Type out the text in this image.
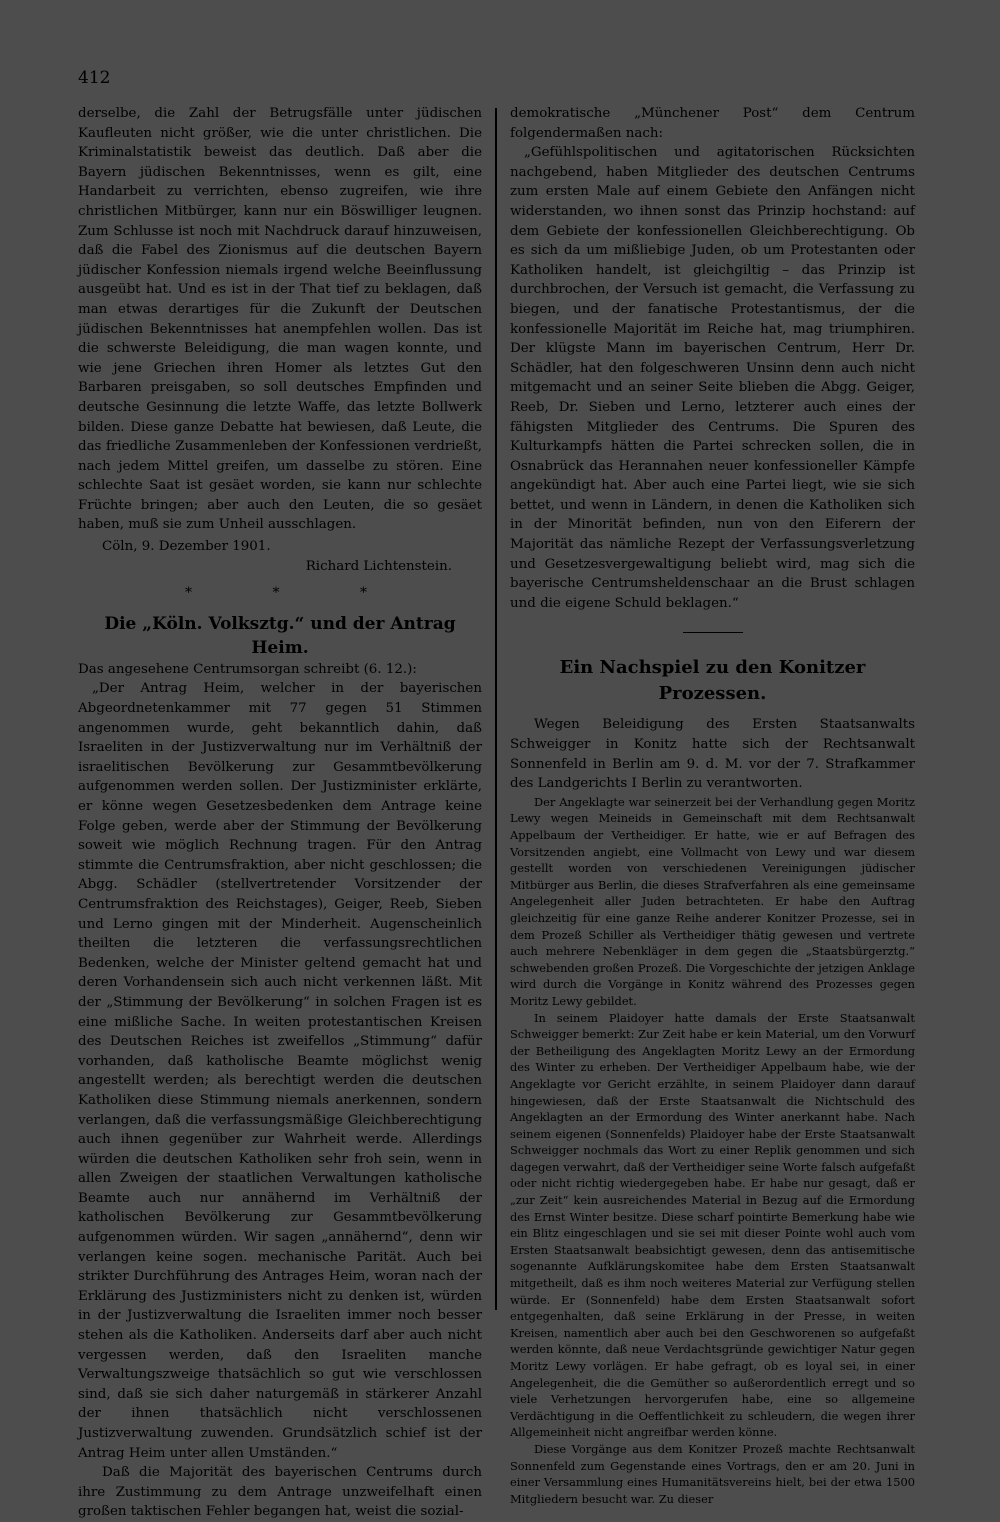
412

derselbe, die Zahl der Betrugsfälle unter jüdischen Kaufleuten nicht größer, wie die unter christlichen. Die Kriminalstatistik beweist das deutlich. Daß aber die Bayern jüdischen Bekenntnisses, wenn es gilt, eine Handarbeit zu verrichten, ebenso zugreifen, wie ihre christlichen Mitbürger, kann nur ein Böswilliger leugnen. Zum Schlusse ist noch mit Nachdruck darauf hinzuweisen, daß die Fabel des Zionismus auf die deutschen Bayern jüdischer Konfession niemals irgend welche Beeinflussung ausgeübt hat. Und es ist in der That tief zu beklagen, daß man etwas derartiges für die Zukunft der Deutschen jüdischen Bekenntnisses hat anempfehlen wollen. Das ist die schwerste Beleidigung, die man wagen konnte, und wie jene Griechen ihren Homer als letztes Gut den Barbaren preisgaben, so soll deutsches Empfinden und deutsche Gesinnung die letzte Waffe, das letzte Bollwerk bilden. Diese ganze Debatte hat bewiesen, daß Leute, die das friedliche Zusammenleben der Konfessionen verdrießt, nach jedem Mittel greifen, um dasselbe zu stören. Eine schlechte Saat ist gesäet worden, sie kann nur schlechte Früchte bringen; aber auch den Leuten, die so gesäet haben, muß sie zum Unheil ausschlagen.

Cöln, 9. Dezember 1901.

Richard Lichtenstein.

* * *
Die „Köln. Volksztg.“ und der Antrag Heim.

Das angesehene Centrumsorgan schreibt (6. 12.):

„Der Antrag Heim, welcher in der bayerischen Abgeordnetenkammer mit 77 gegen 51 Stimmen angenommen wurde, geht bekanntlich dahin, daß Israeliten in der Justizverwaltung nur im Verhältniß der israelitischen Bevölkerung zur Gesammtbevölkerung aufgenommen werden sollen. Der Justizminister erklärte, er könne wegen Gesetzesbedenken dem Antrage keine Folge geben, werde aber der Stimmung der Bevölkerung soweit wie möglich Rechnung tragen. Für den Antrag stimmte die Centrumsfraktion, aber nicht geschlossen; die Abgg. Schädler (stellvertretender Vorsitzender der Centrumsfraktion des Reichstages), Geiger, Reeb, Sieben und Lerno gingen mit der Minderheit. Augenscheinlich theilten die letzteren die verfassungsrechtlichen Bedenken, welche der Minister geltend gemacht hat und deren Vorhandensein sich auch nicht verkennen läßt. Mit der „Stimmung der Bevölkerung“ in solchen Fragen ist es eine mißliche Sache. In weiten protestantischen Kreisen des Deutschen Reiches ist zweifellos „Stimmung“ dafür vorhanden, daß katholische Beamte möglichst wenig angestellt werden; als berechtigt werden die deutschen Katholiken diese Stimmung niemals anerkennen, sondern verlangen, daß die verfassungsmäßige Gleichberechtigung auch ihnen gegenüber zur Wahrheit werde. Allerdings würden die deutschen Katholiken sehr froh sein, wenn in allen Zweigen der staatlichen Verwaltungen katholische Beamte auch nur annähernd im Verhältniß der katholischen Bevölkerung zur Gesammtbevölkerung aufgenommen würden. Wir sagen „annähernd“, denn wir verlangen keine sogen. mechanische Parität. Auch bei strikter Durchführung des Antrages Heim, woran nach der Erklärung des Justizministers nicht zu denken ist, würden in der Justizverwaltung die Israeliten immer noch besser stehen als die Katholiken. Anderseits darf aber auch nicht vergessen werden, daß den Israeliten manche Verwaltungszweige thatsächlich so gut wie verschlossen sind, daß sie sich daher naturgemäß in stärkerer Anzahl der ihnen thatsächlich nicht verschlossenen Justizverwaltung zuwenden. Grundsätzlich schief ist der Antrag Heim unter allen Umständen.“

Daß die Majorität des bayerischen Centrums durch ihre Zustimmung zu dem Antrage unzweifelhaft einen großen taktischen Fehler begangen hat, weist die sozial-

demokratische „Münchener Post“ dem Centrum folgendermaßen nach:

„Gefühlspolitischen und agitatorischen Rücksichten nachgebend, haben Mitglieder des deutschen Centrums zum ersten Male auf einem Gebiete den Anfängen nicht widerstanden, wo ihnen sonst das Prinzip hochstand: auf dem Gebiete der konfessionellen Gleichberechtigung. Ob es sich da um mißliebige Juden, ob um Protestanten oder Katholiken handelt, ist gleichgiltig – das Prinzip ist durchbrochen, der Versuch ist gemacht, die Verfassung zu biegen, und der fanatische Protestantismus, der die konfessionelle Majorität im Reiche hat, mag triumphiren. Der klügste Mann im bayerischen Centrum, Herr Dr. Schädler, hat den folgeschweren Unsinn denn auch nicht mitgemacht und an seiner Seite blieben die Abgg. Geiger, Reeb, Dr. Sieben und Lerno, letzterer auch eines der fähigsten Mitglieder des Centrums. Die Spuren des Kulturkampfs hätten die Partei schrecken sollen, die in Osnabrück das Herannahen neuer konfessioneller Kämpfe angekündigt hat. Aber auch eine Partei liegt, wie sie sich bettet, und wenn in Ländern, in denen die Katholiken sich in der Minorität befinden, nun von den Eiferern der Majorität das nämliche Rezept der Verfassungsverletzung und Gesetzesvergewaltigung beliebt wird, mag sich die bayerische Centrumsheldenschaar an die Brust schlagen und die eigene Schuld beklagen.“

Ein Nachspiel zu den Konitzer Prozessen.

Wegen Beleidigung des Ersten Staatsanwalts Schweigger in Konitz hatte sich der Rechtsanwalt Sonnenfeld in Berlin am 9. d. M. vor der 7. Strafkammer des Landgerichts I Berlin zu verantworten.

Der Angeklagte war seinerzeit bei der Verhandlung gegen Moritz Lewy wegen Meineids in Gemeinschaft mit dem Rechtsanwalt Appelbaum der Vertheidiger. Er hatte, wie er auf Befragen des Vorsitzenden angiebt, eine Vollmacht von Lewy und war diesem gestellt worden von verschiedenen Vereinigungen jüdischer Mitbürger aus Berlin, die dieses Strafverfahren als eine gemeinsame Angelegenheit aller Juden betrachteten. Er habe den Auftrag gleichzeitig für eine ganze Reihe anderer Konitzer Prozesse, sei in dem Prozeß Schiller als Vertheidiger thätig gewesen und vertrete auch mehrere Nebenkläger in dem gegen die „Staatsbürgerztg.“ schwebenden großen Prozeß. Die Vorgeschichte der jetzigen Anklage wird durch die Vorgänge in Konitz während des Prozesses gegen Moritz Lewy gebildet.

In seinem Plaidoyer hatte damals der Erste Staatsanwalt Schweigger bemerkt: Zur Zeit habe er kein Material, um den Vorwurf der Betheiligung des Angeklagten Moritz Lewy an der Ermordung des Winter zu erheben. Der Vertheidiger Appelbaum habe, wie der Angeklagte vor Gericht erzählte, in seinem Plaidoyer dann darauf hingewiesen, daß der Erste Staatsanwalt die Nichtschuld des Angeklagten an der Ermordung des Winter anerkannt habe. Nach seinem eigenen (Sonnenfelds) Plaidoyer habe der Erste Staatsanwalt Schweigger nochmals das Wort zu einer Replik genommen und sich dagegen verwahrt, daß der Vertheidiger seine Worte falsch aufgefaßt oder nicht richtig wiedergegeben habe. Er habe nur gesagt, daß er „zur Zeit“ kein ausreichendes Material in Bezug auf die Ermordung des Ernst Winter besitze. Diese scharf pointirte Bemerkung habe wie ein Blitz eingeschlagen und sie sei mit dieser Pointe wohl auch vom Ersten Staatsanwalt beabsichtigt gewesen, denn das antisemitische sogenannte Aufklärungskomitee habe dem Ersten Staatsanwalt mitgetheilt, daß es ihm noch weiteres Material zur Verfügung stellen würde. Er (Sonnenfeld) habe dem Ersten Staatsanwalt sofort entgegenhalten, daß seine Erklärung in der Presse, in weiten Kreisen, namentlich aber auch bei den Geschworenen so aufgefaßt werden könnte, daß neue Verdachtsgründe gewichtiger Natur gegen Moritz Lewy vorlägen. Er habe gefragt, ob es loyal sei, in einer Angelegenheit, die die Gemüther so außerordentlich erregt und so viele Verhetzungen hervorgerufen habe, eine so allgemeine Verdächtigung in die Oeffentlichkeit zu schleudern, die wegen ihrer Allgemeinheit nicht angreifbar werden könne.

Diese Vorgänge aus dem Konitzer Prozeß machte Rechtsanwalt Sonnenfeld zum Gegenstande eines Vortrags, den er am 20. Juni in einer Versammlung eines Humanitätsvereins hielt, bei der etwa 1500 Mitgliedern besucht war. Zu dieser
